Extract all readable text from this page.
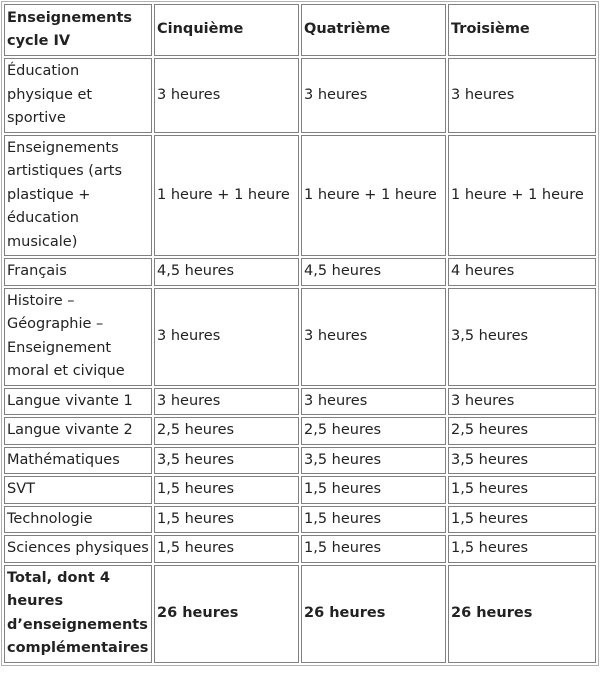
Enseignements cycle IV	Cinquième	Quatrième	Troisième
Éducation physique et sportive	3 heures	3 heures	3 heures
Enseignements artistiques (arts plastique + éducation musicale)	1 heure + 1 heure	1 heure + 1 heure	1 heure + 1 heure
Français	4,5 heures	4,5 heures	4 heures
Histoire – Géographie – Enseignement moral et civique	3 heures	3 heures	3,5 heures
Langue vivante 1	3 heures	3 heures	3 heures
Langue vivante 2	2,5 heures	2,5 heures	2,5 heures
Mathématiques	3,5 heures	3,5 heures	3,5 heures
SVT	1,5 heures	1,5 heures	1,5 heures
Technologie	1,5 heures	1,5 heures	1,5 heures
Sciences physiques	1,5 heures	1,5 heures	1,5 heures
Total, dont 4 heures d’enseignements complémentaires	26 heures	26 heures	26 heures
